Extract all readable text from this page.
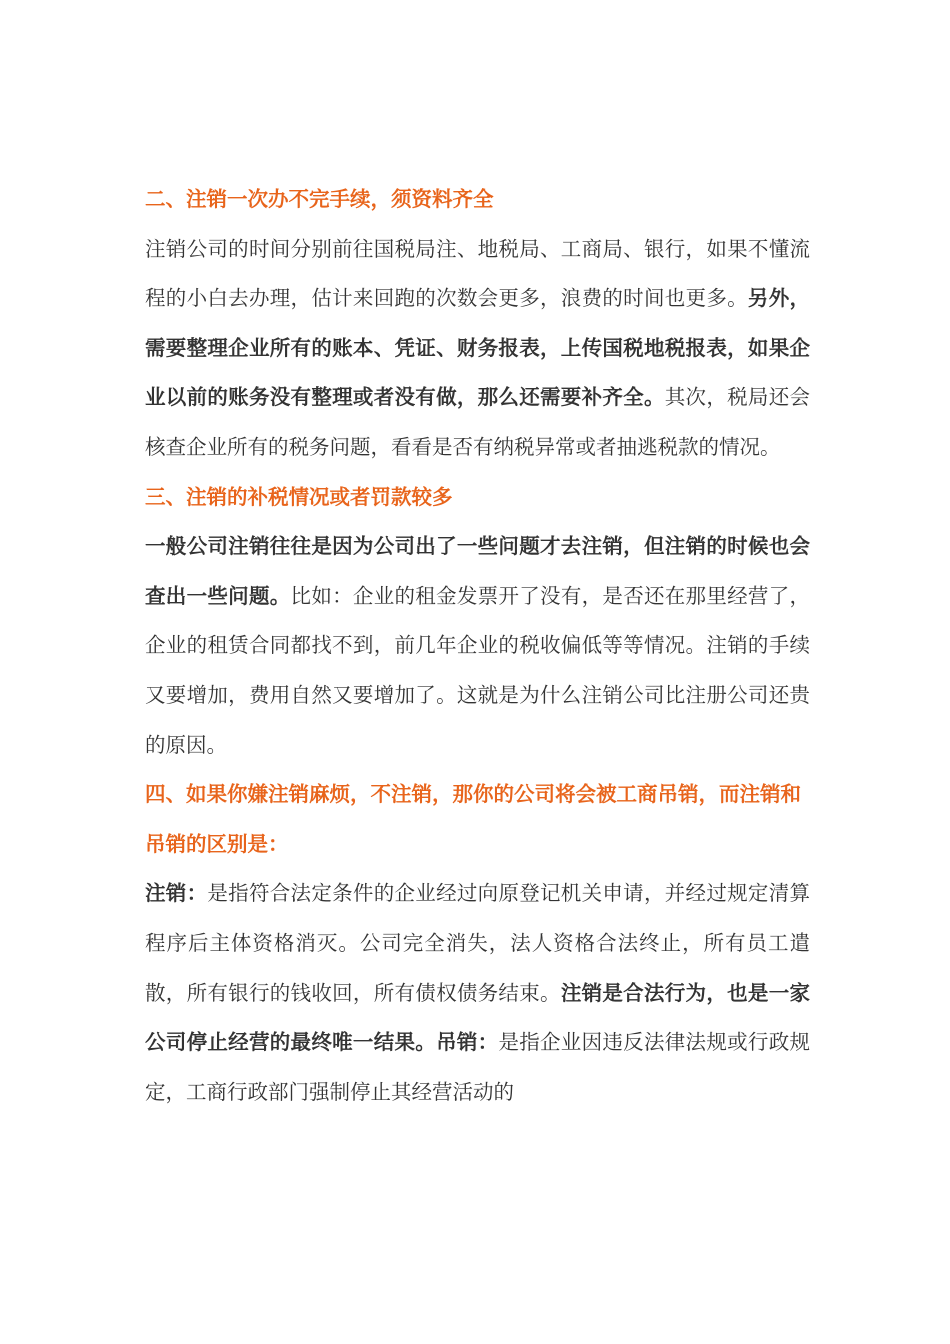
二、注销一次办不完手续，须资料齐全

注销公司的时间分别前往国税局注、地税局、工商局、银行，如果不懂流程的小白去办理，估计来回跑的次数会更多，浪费的时间也更多。另外，需要整理企业所有的账本、凭证、财务报表，上传国税地税报表，如果企业以前的账务没有整理或者没有做，那么还需要补齐全。其次，税局还会核查企业所有的税务问题，看看是否有纳税异常或者抽逃税款的情况。

三、注销的补税情况或者罚款较多

一般公司注销往往是因为公司出了一些问题才去注销，但注销的时候也会查出一些问题。比如：企业的租金发票开了没有，是否还在那里经营了，企业的租赁合同都找不到，前几年企业的税收偏低等等情况。注销的手续又要增加，费用自然又要增加了。这就是为什么注销公司比注册公司还贵的原因。

四、如果你嫌注销麻烦，不注销，那你的公司将会被工商吊销，而注销和吊销的区别是：

注销：是指符合法定条件的企业经过向原登记机关申请，并经过规定清算程序后主体资格消灭。公司完全消失，法人资格合法终止，所有员工遣散，所有银行的钱收回，所有债权债务结束。注销是合法行为，也是一家公司停止经营的最终唯一结果。吊销：是指企业因违反法律法规或行政规定，工商行政部门强制停止其经营活动的
